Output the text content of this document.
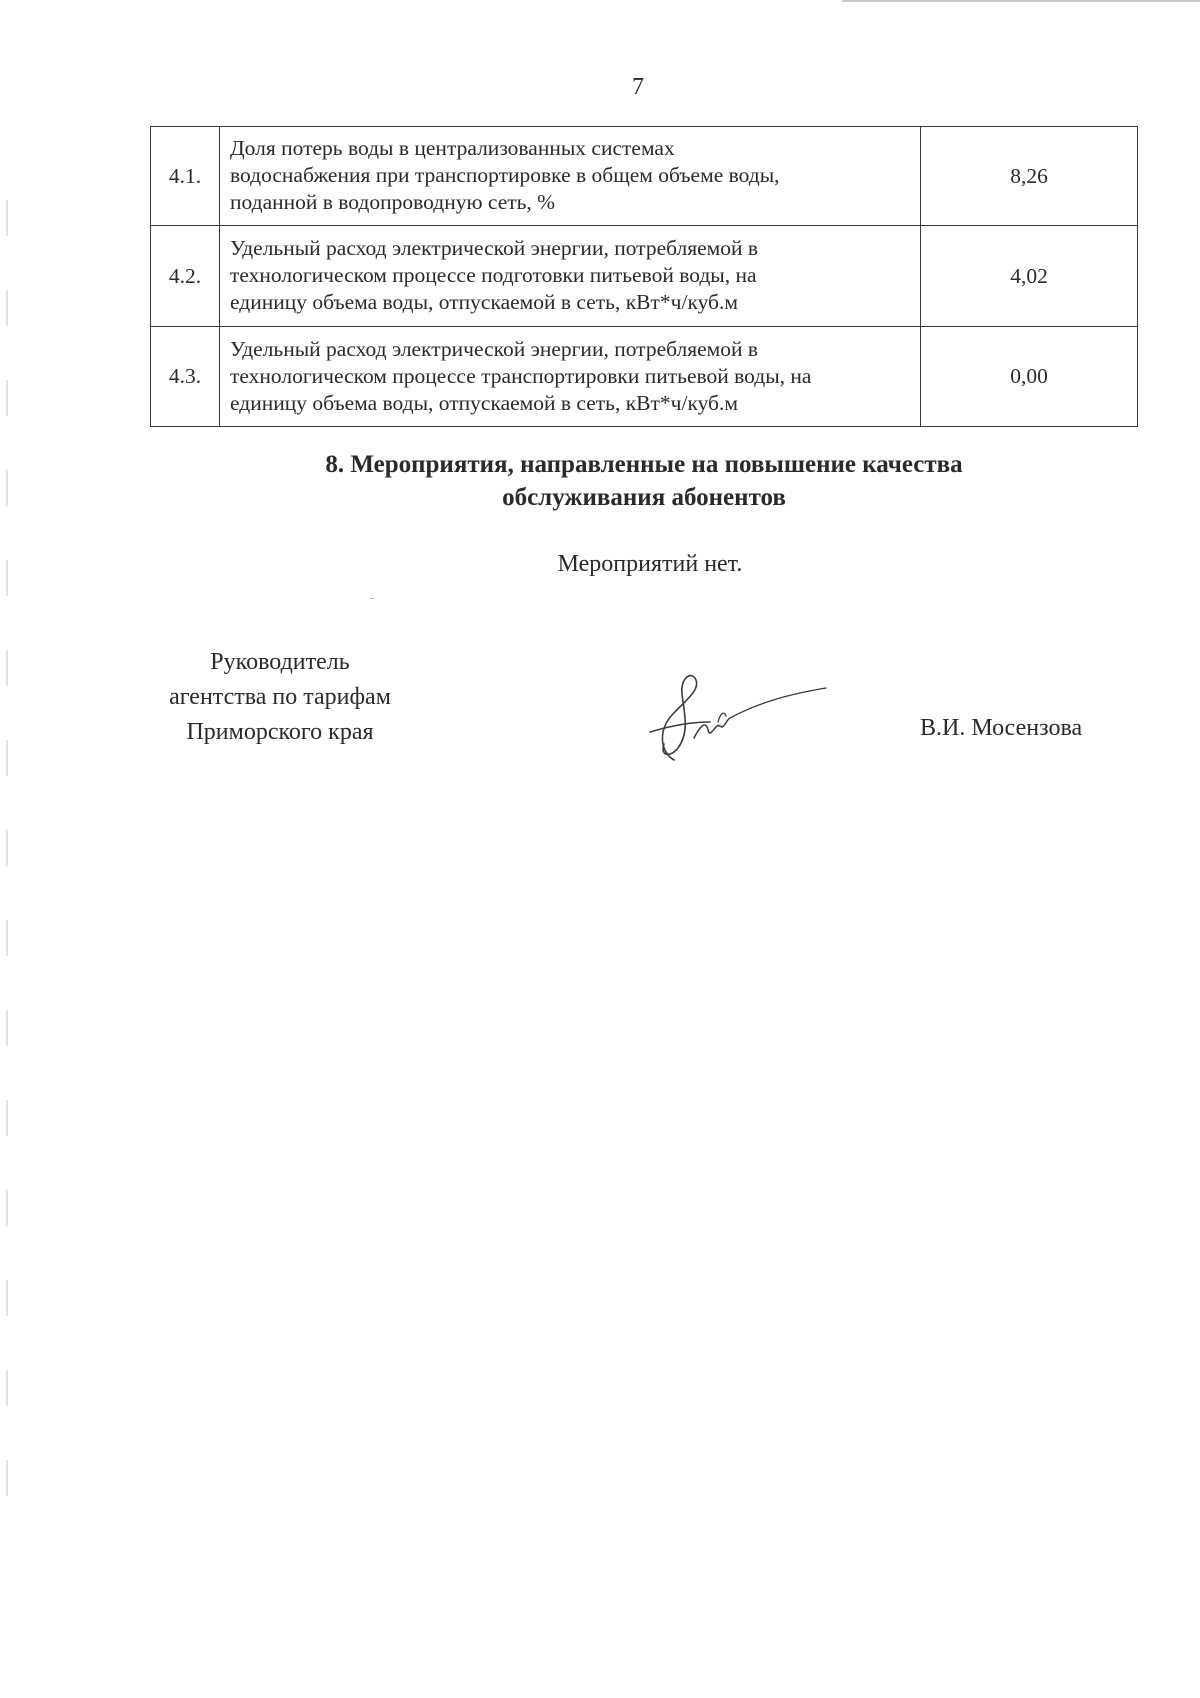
7
4.1.	Доля потерь воды в централизованных системах
водоснабжения при транспортировке в общем объеме воды,
поданной в водопроводную сеть, %	8,26
4.2.	Удельный расход электрической энергии, потребляемой в
технологическом процессе подготовки питьевой воды, на
единицу объема воды, отпускаемой в сеть, кВт*ч/куб.м	4,02
4.3.	Удельный расход электрической энергии, потребляемой в
технологическом процессе транспортировки питьевой воды, на
единицу объема воды, отпускаемой в сеть, кВт*ч/куб.м	0,00
8. Мероприятия, направленные на повышение качества
обслуживания абонентов
Мероприятий нет.
Руководитель
агентства по тарифам
Приморского края	В.И. Мосензова
